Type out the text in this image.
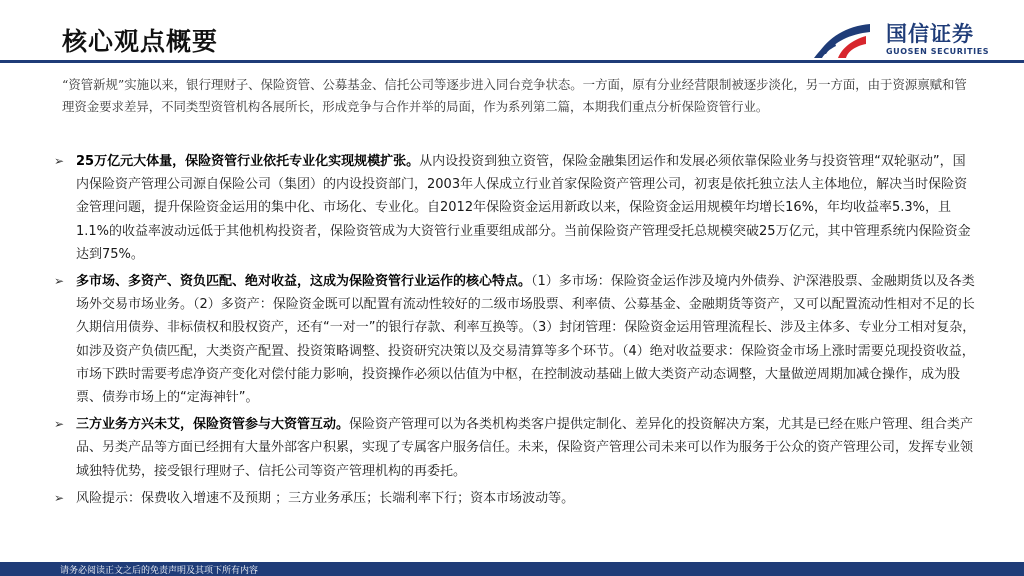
核心观点概要	国信证券
GUOSEN SECURITIES
“资管新规”实施以来，银行理财子、保险资管、公募基金、信托公司等逐步进入同台竞争状态。一方面，原有分业经营限制被逐步淡化，另一方面，由于资源禀赋和管理资金要求差异，不同类型资管机构各展所长，形成竞争与合作并举的局面，作为系列第二篇，本期我们重点分析保险资管行业。
➢ 25万亿元大体量，保险资管行业依托专业化实现规模扩张。从内设投资到独立资管，保险金融集团运作和发展必须依靠保险业务与投资管理“双轮驱动”，国内保险资产管理公司源自保险公司（集团）的内设投资部门，2003年人保成立行业首家保险资产管理公司，初衷是依托独立法人主体地位，解决当时保险资金管理问题，提升保险资金运用的集中化、市场化、专业化。自2012年保险资金运用新政以来，保险资金运用规模年均增长16%，年均收益率5.3%，且1.1%的收益率波动远低于其他机构投资者，保险资管成为大资管行业重要组成部分。当前保险资产管理受托总规模突破25万亿元，其中管理系统内保险资金达到75%。
➢ 多市场、多资产、资负匹配、绝对收益，这成为保险资管行业运作的核心特点。（1）多市场：保险资金运作涉及境内外债券、沪深港股票、金融期货以及各类场外交易市场业务。（2）多资产：保险资金既可以配置有流动性较好的二级市场股票、利率债、公募基金、金融期货等资产，又可以配置流动性相对不足的长久期信用债券、非标债权和股权资产，还有“一对一”的银行存款、利率互换等。（3）封闭管理：保险资金运用管理流程长、涉及主体多、专业分工相对复杂，如涉及资产负债匹配，大类资产配置、投资策略调整、投资研究决策以及交易清算等多个环节。（4）绝对收益要求：保险资金市场上涨时需要兑现投资收益，市场下跌时需要考虑净资产变化对偿付能力影响，投资操作必须以估值为中枢，在控制波动基础上做大类资产动态调整，大量做逆周期加减仓操作，成为股票、债券市场上的“定海神针”。
➢ 三方业务方兴未艾，保险资管参与大资管互动。保险资产管理可以为各类机构类客户提供定制化、差异化的投资解决方案，尤其是已经在账户管理、组合类产品、另类产品等方面已经拥有大量外部客户积累，实现了专属客户服务信任。未来，保险资产管理公司未来可以作为服务于公众的资产管理公司，发挥专业领域独特优势，接受银行理财子、信托公司等资产管理机构的再委托。
➢ 风险提示：保费收入增速不及预期 ；三方业务承压；长端利率下行；资本市场波动等。
请务必阅读正文之后的免责声明及其项下所有内容
